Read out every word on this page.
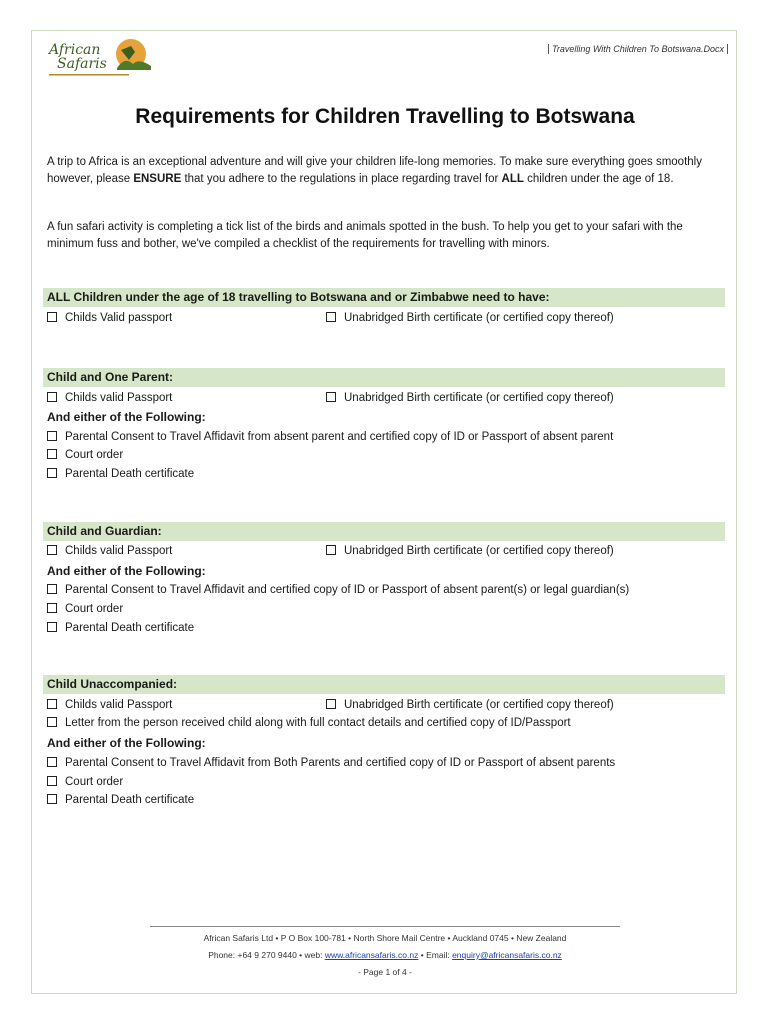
African
Safaris
Travelling With Children To Botswana.Docx
Requirements for Children Travelling to Botswana
A trip to Africa is an exceptional adventure and will give your children life-long memories. To make sure everything goes smoothly however, please ENSURE that you adhere to the regulations in place regarding travel for ALL children under the age of 18.
A fun safari activity is completing a tick list of the birds and animals spotted in the bush. To help you get to your safari with the minimum fuss and bother, we've compiled a checklist of the requirements for travelling with minors.
ALL Children under the age of 18 travelling to Botswana and or Zimbabwe need to have:
Childs Valid passport	Unabridged Birth certificate (or certified copy thereof)
Child and One Parent:
Childs valid Passport	Unabridged Birth certificate (or certified copy thereof)
And either of the Following:
Parental Consent to Travel Affidavit from absent parent and certified copy of ID or Passport of absent parent
Court order
Parental Death certificate
Child and Guardian:
Childs valid Passport	Unabridged Birth certificate (or certified copy thereof)
And either of the Following:
Parental Consent to Travel Affidavit and certified copy of ID or Passport of absent parent(s) or legal guardian(s)
Court order
Parental Death certificate
Child Unaccompanied:
Childs valid Passport	Unabridged Birth certificate (or certified copy thereof)
Letter from the person received child along with full contact details and certified copy of ID/Passport
And either of the Following:
Parental Consent to Travel Affidavit from Both Parents and certified copy of ID or Passport of absent parents
Court order
Parental Death certificate
African Safaris Ltd • P O Box 100-781 • North Shore Mail Centre • Auckland 0745 • New Zealand
Phone: +64 9 270 9440 • web: www.africansafaris.co.nz • Email: enquiry@africansafaris.co.nz
- Page 1 of 4 -
